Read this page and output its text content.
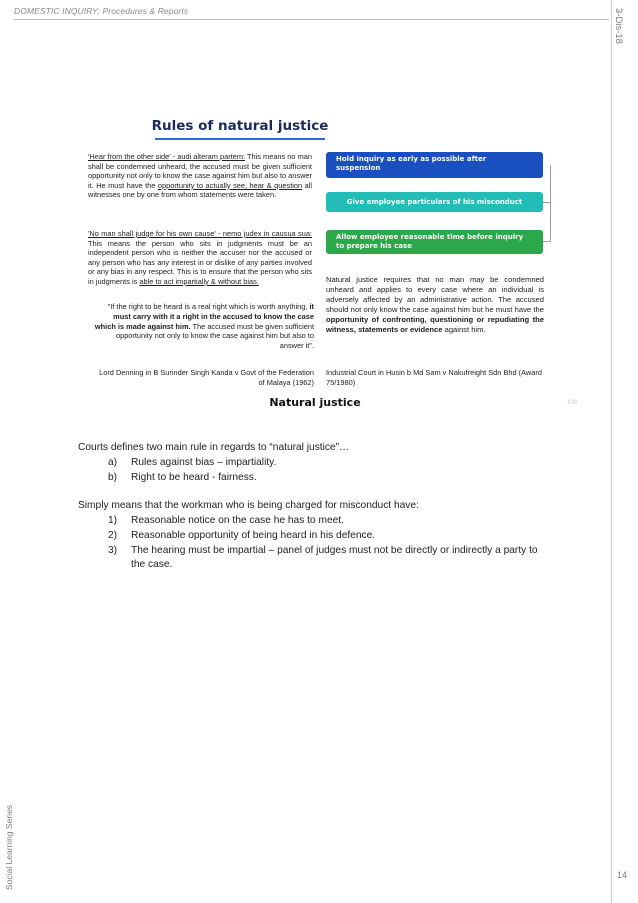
DOMESTIC INQUIRY: Procedures & Reports	3-Dis-18
Social Learning Series	14
Rules of natural justice
'Hear from the other side' - audi alteram partem: This means no man shall be condemned unheard, the accused must be given sufficient opportunity not only to know the case against him but also to answer it. He must have the opportunity to actually see, hear & question all witnesses one by one from whom statements were taken.
'No man shall judge for his own cause' - nemo judex in causua sua: This means the person who sits in judgments must be an independent person who is neither the accuser nor the accused or any person who has any interest in or dislike of any parties involved or any bias in any respect. This is to ensure that the person who sits in judgments is able to act impartially & without bias.
"If the right to be heard is a real right which is worth anything, it must carry with it a right in the accused to know the case which is made against him. The accused must be given sufficient opportunity not only to know the case against him but also to answer it".
Lord Denning in B Surinder Singh Kanda v Govt of the Federation of Malaya (1962)
Hold inquiry as early as possible after suspension
Give employee particulars of his misconduct
Allow employee reasonable time before inquiry to prepare his case
Natural justice requires that no man may be condemned unheard and applies to every case where an individual is adversely affected by an administrative action. The accused should not only know the case against him but he must have the opportunity of confronting, questioning or repudiating the witness, statements or evidence against him.
Industrial Court in Husin b Md Sam v Nakufreight Sdn Bhd (Award 75/1980)
Natural justice	108
Courts defines two main rule in regards to “natural justice”…
a) Rules against bias – impartiality.
b) Right to be heard - fairness.
Simply means that the workman who is being charged for misconduct have:
1) Reasonable notice on the case he has to meet.
2) Reasonable opportunity of being heard in his defence.
3) The hearing must be impartial – panel of judges must not be directly or indirectly a party to the case.
